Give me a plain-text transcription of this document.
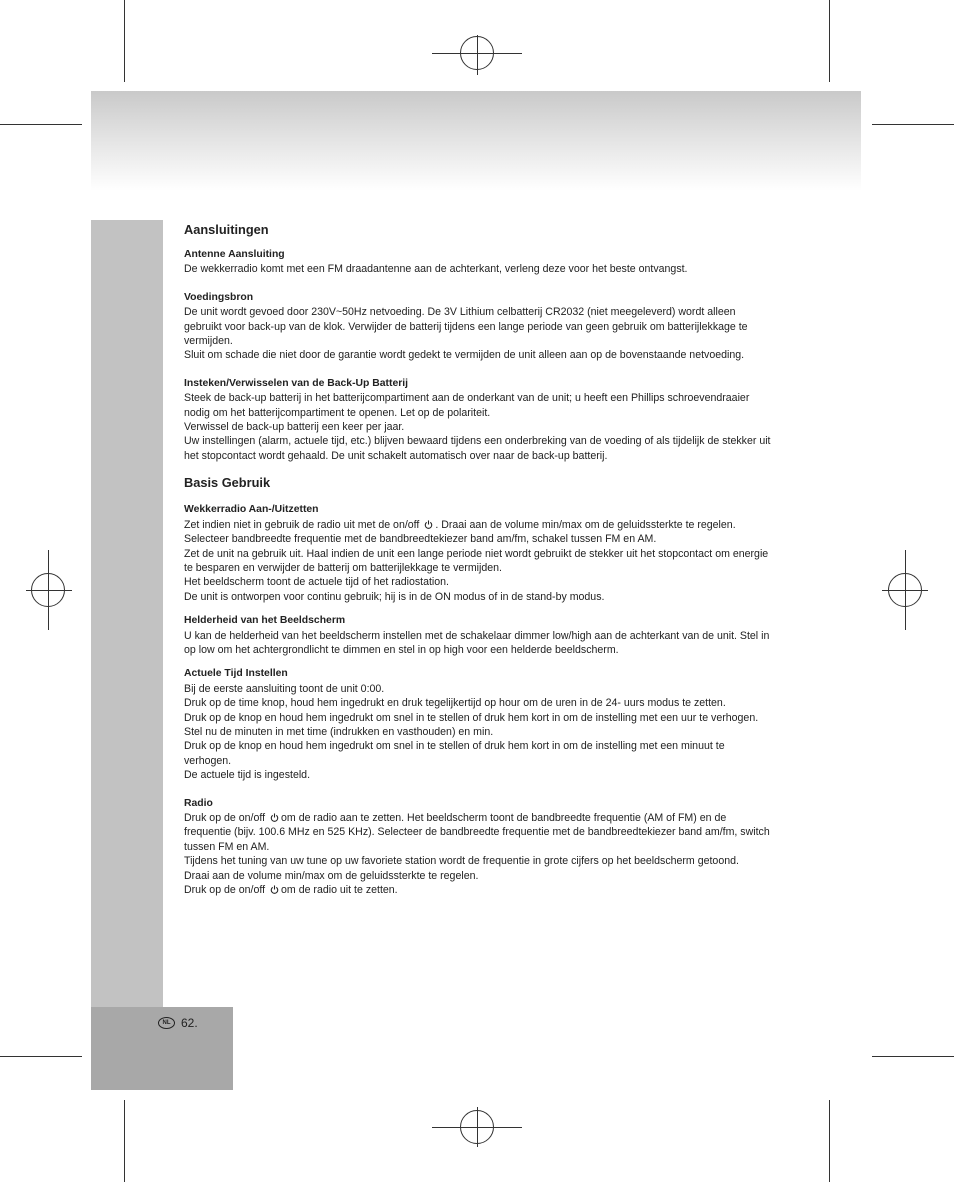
NL 62.
Aansluitingen
Antenne Aansluiting

De wekkerradio komt met een FM draadantenne aan de achterkant, verleng deze voor het beste ontvangst.

Voedingsbron

De unit wordt gevoed door 230V~50Hz netvoeding. De 3V Lithium celbatterij CR2032 (niet meegeleverd) wordt alleen gebruikt voor back-up van de klok. Verwijder de batterij tijdens een lange periode van geen gebruik om batterijlekkage te vermijden.

Sluit om schade die niet door de garantie wordt gedekt te vermijden de unit alleen aan op de bovenstaande netvoeding.

Insteken/Verwisselen van de Back-Up Batterij

Steek de back-up batterij in het batterijcompartiment aan de onderkant van de unit; u heeft een Phillips schroevendraaier nodig om het batterijcompartiment te openen. Let op de polariteit.

Verwissel de back-up batterij een keer per jaar.

Uw instellingen (alarm, actuele tijd, etc.) blijven bewaard tijdens een onderbreking van de voeding of als tijdelijk de stekker uit het stopcontact wordt gehaald. De unit schakelt automatisch over naar de back-up batterij.

Basis Gebruik
Wekkerradio Aan-/Uitzetten

Zet indien niet in gebruik de radio uit met de on/off . Draai aan de volume min/max om de geluidssterkte te regelen.

Selecteer bandbreedte frequentie met de bandbreedtekiezer band am/fm, schakel tussen FM en AM.

Zet de unit na gebruik uit. Haal indien de unit een lange periode niet wordt gebruikt de stekker uit het stopcontact om energie te besparen en verwijder de batterij om batterijlekkage te vermijden.

Het beeldscherm toont de actuele tijd of het radiostation.

De unit is ontworpen voor continu gebruik; hij is in de ON modus of in de stand-by modus.

Helderheid van het Beeldscherm

U kan de helderheid van het beeldscherm instellen met de schakelaar dimmer low/high aan de achterkant van de unit. Stel in op low om het achtergrondlicht te dimmen en stel in op high voor een helderde beeldscherm.

Actuele Tijd Instellen

Bij de eerste aansluiting toont de unit 0:00.

Druk op de time knop, houd hem ingedrukt en druk tegelijkertijd op hour om de uren in de 24- uurs modus te zetten.

Druk op de knop en houd hem ingedrukt om snel in te stellen of druk hem kort in om de instelling met een uur te verhogen.

Stel nu de minuten in met time (indrukken en vasthouden) en min.

Druk op de knop en houd hem ingedrukt om snel in te stellen of druk hem kort in om de instelling met een minuut te verhogen.

De actuele tijd is ingesteld.

Radio

Druk op de on/off om de radio aan te zetten. Het beeldscherm toont de bandbreedte frequentie (AM of FM) en de frequentie (bijv. 100.6 MHz en 525 KHz). Selecteer de bandbreedte frequentie met de bandbreedtekiezer band am/fm, switch tussen FM en AM.

Tijdens het tuning van uw tune op uw favoriete station wordt de frequentie in grote cijfers op het beeldscherm getoond.

Draai aan de volume min/max om de geluidssterkte te regelen.

Druk op de on/off om de radio uit te zetten.
